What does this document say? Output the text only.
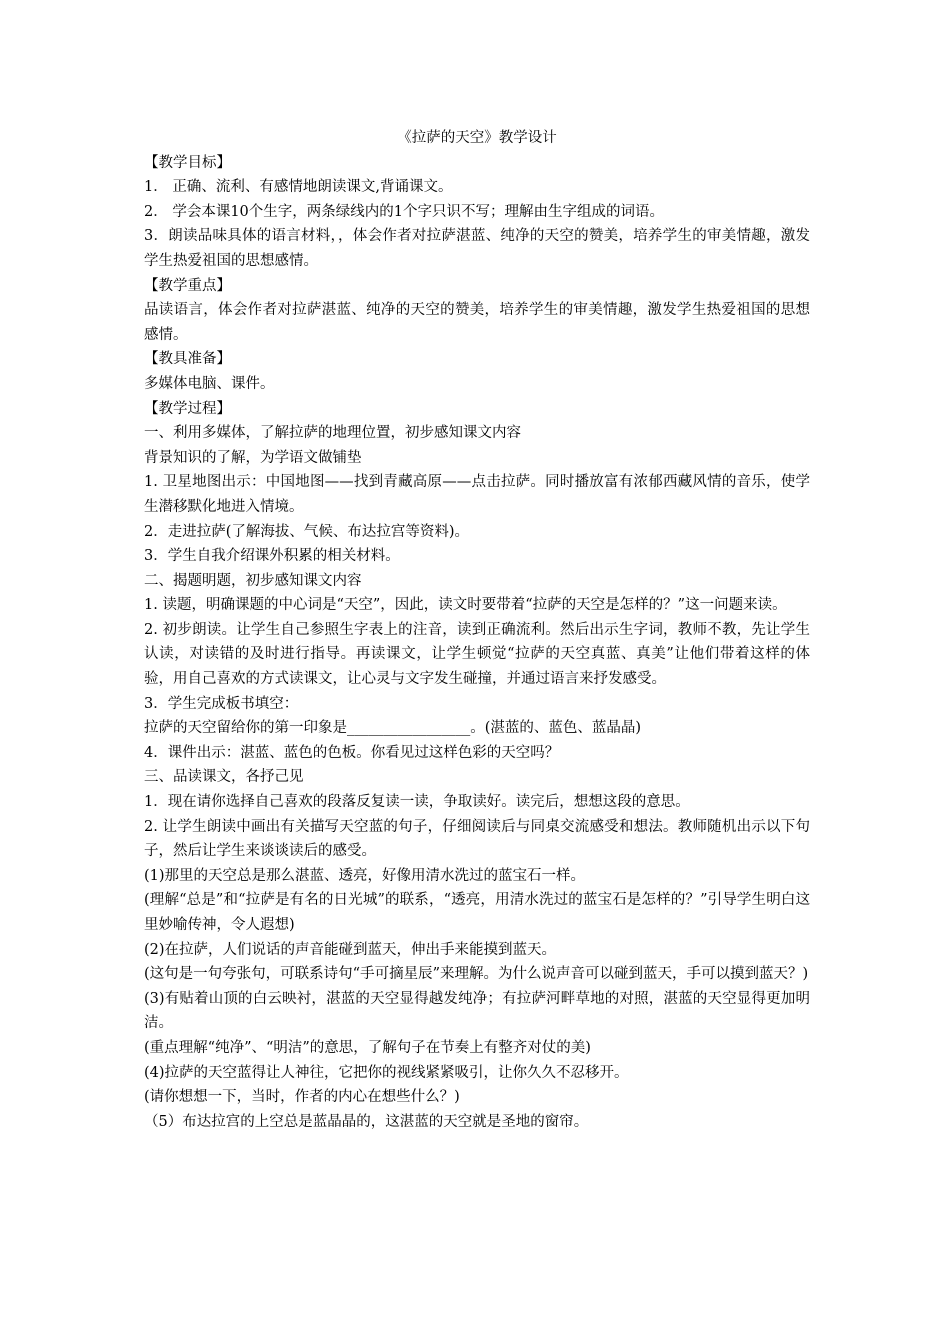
《拉萨的天空》教学设计

【教学目标】

1． 正确、流利、有感情地朗读课文,背诵课文。

2． 学会本课10个生字，两条绿线内的1个字只识不写；理解由生字组成的词语。

3．朗读品味具体的语言材料，，体会作者对拉萨湛蓝、纯净的天空的赞美，培养学生的审美情趣，激发学生热爱祖国的思想感情。

【教学重点】

品读语言，体会作者对拉萨湛蓝、纯净的天空的赞美，培养学生的审美情趣，激发学生热爱祖国的思想感情。

【教具准备】

多媒体电脑、课件。

【教学过程】

一、利用多媒体，了解拉萨的地理位置，初步感知课文内容

背景知识的了解，为学语文做铺垫

1. 卫星地图出示：中国地图——找到青藏高原——点击拉萨。同时播放富有浓郁西藏风情的音乐，使学生潜移默化地进入情境。

2．走进拉萨(了解海拔、气候、布达拉宫等资料)。

3．学生自我介绍课外积累的相关材料。

二、揭题明题，初步感知课文内容

1. 读题，明确课题的中心词是“天空”，因此，读文时要带着“拉萨的天空是怎样的？”这一问题来读。

2. 初步朗读。让学生自己参照生字表上的注音，读到正确流利。然后出示生字词，教师不教，先让学生认读，对读错的及时进行指导。再读课文，让学生顿觉“拉萨的天空真蓝、真美”让他们带着这样的体验，用自己喜欢的方式读课文，让心灵与文字发生碰撞，并通过语言来抒发感受。

3．学生完成板书填空：

拉萨的天空留给你的第一印象是_________________。(湛蓝的、蓝色、蓝晶晶)

4．课件出示：湛蓝、蓝色的色板。你看见过这样色彩的天空吗？

三、品读课文，各抒己见

1．现在请你选择自己喜欢的段落反复读一读，争取读好。读完后，想想这段的意思。

2. 让学生朗读中画出有关描写天空蓝的句子，仔细阅读后与同桌交流感受和想法。教师随机出示以下句子，然后让学生来谈谈读后的感受。

(1)那里的天空总是那么湛蓝、透亮，好像用清水洗过的蓝宝石一样。

(理解“总是”和“拉萨是有名的日光城”的联系，“透亮，用清水洗过的蓝宝石是怎样的？”引导学生明白这里妙喻传神，令人遐想)

(2)在拉萨，人们说话的声音能碰到蓝天，伸出手来能摸到蓝天。

(这句是一句夸张句，可联系诗句“手可摘星辰”来理解。为什么说声音可以碰到蓝天，手可以摸到蓝天？)

(3)有贴着山顶的白云映衬，湛蓝的天空显得越发纯净；有拉萨河畔草地的对照，湛蓝的天空显得更加明洁。

(重点理解“纯净”、“明洁”的意思，了解句子在节奏上有整齐对仗的美)

(4)拉萨的天空蓝得让人神往，它把你的视线紧紧吸引，让你久久不忍移开。

(请你想想一下，当时，作者的内心在想些什么？)

（5）布达拉宫的上空总是蓝晶晶的，这湛蓝的天空就是圣地的窗帘。
